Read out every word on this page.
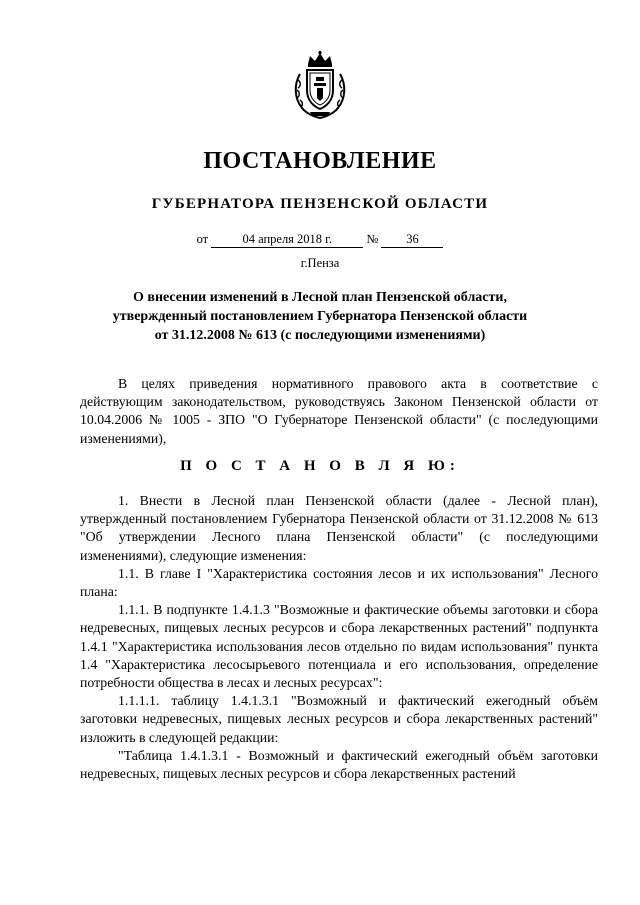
ПОСТАНОВЛЕНИЕ
ГУБЕРНАТОРА ПЕНЗЕНСКОЙ ОБЛАСТИ
от	04 апреля 2018 г.	№ 36
г.Пенза
О внесении изменений в Лесной план Пензенской области,
утвержденный постановлением Губернатора Пензенской области
от 31.12.2008 № 613 (с последующими изменениями)

В целях приведения нормативного правового акта в соответствие с действующим законодательством, руководствуясь Законом Пензенской области от 10.04.2006 № 1005 - ЗПО "О Губернаторе Пензенской области" (с последующими изменениями),

П О С Т А Н О В Л Я Ю:

1. Внести в Лесной план Пензенской области (далее - Лесной план), утвержденный постановлением Губернатора Пензенской области от 31.12.2008 № 613 "Об утверждении Лесного плана Пензенской области" (с последующими изменениями), следующие изменения:

1.1. В главе I "Характеристика состояния лесов и их использования" Лесного плана:

1.1.1. В подпункте 1.4.1.3 "Возможные и фактические объемы заготовки и сбора недревесных, пищевых лесных ресурсов и сбора лекарственных растений" подпункта 1.4.1 "Характеристика использования лесов отдельно по видам использования" пункта 1.4 "Характеристика лесосырьевого потенциала и его использования, определение потребности общества в лесах и лесных ресурсах":

1.1.1.1. таблицу 1.4.1.3.1 "Возможный и фактический ежегодный объём заготовки недревесных, пищевых лесных ресурсов и сбора лекарственных растений" изложить в следующей редакции:

"Таблица 1.4.1.3.1 - Возможный и фактический ежегодный объём заготовки недревесных, пищевых лесных ресурсов и сбора лекарственных растений
